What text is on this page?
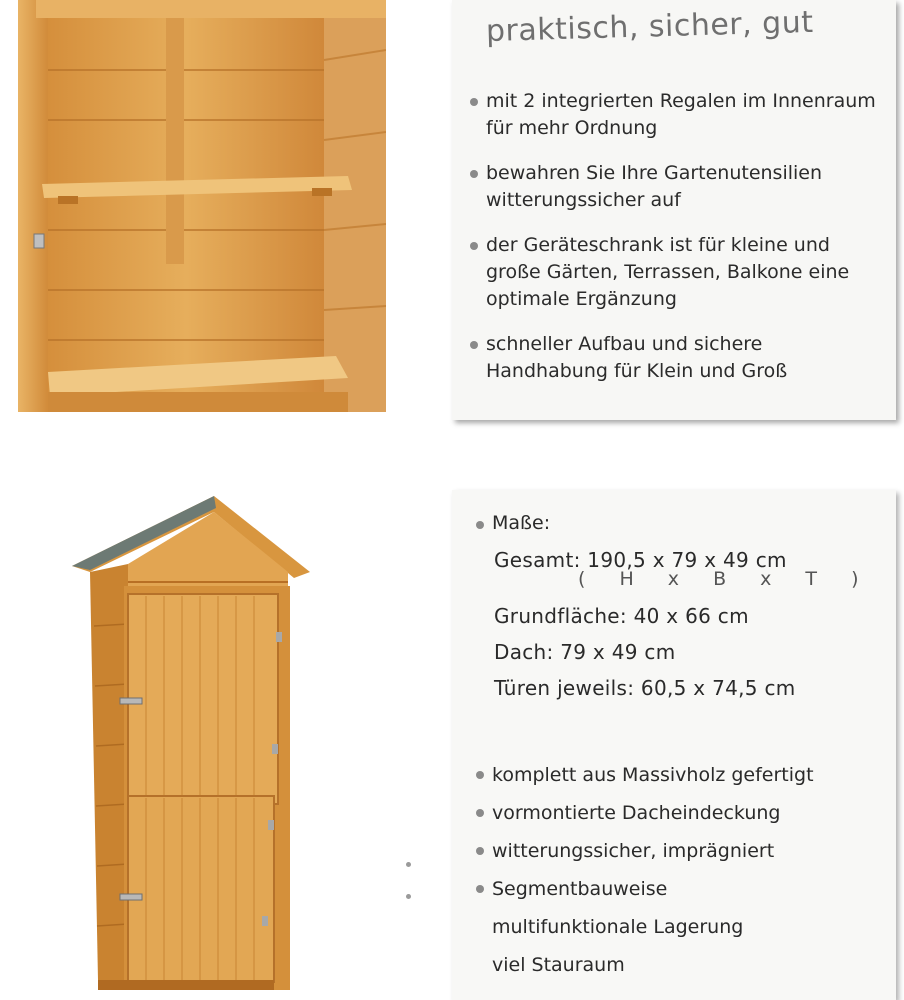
praktisch, sicher, gut
mit 2 integrierten Regalen im Innenraum für mehr Ordnung
bewahren Sie Ihre Gartenutensilien witterungssicher auf
der Geräteschrank ist für kleine und große Gärten, Terrassen, Balkone eine optimale Ergänzung
schneller Aufbau und sichere Handhabung für Klein und Groß
Maße:
Gesamt: 190,5 x 79 x 49 cm
( H x B x T )
Grundfläche: 40 x 66 cm
Dach: 79 x 49 cm
Türen jeweils: 60,5 x 74,5 cm
komplett aus Massivholz gefertigt
vormontierte Dacheindeckung
witterungssicher, imprägniert
Segmentbauweise
multifunktionale Lagerung
viel Stauraum
